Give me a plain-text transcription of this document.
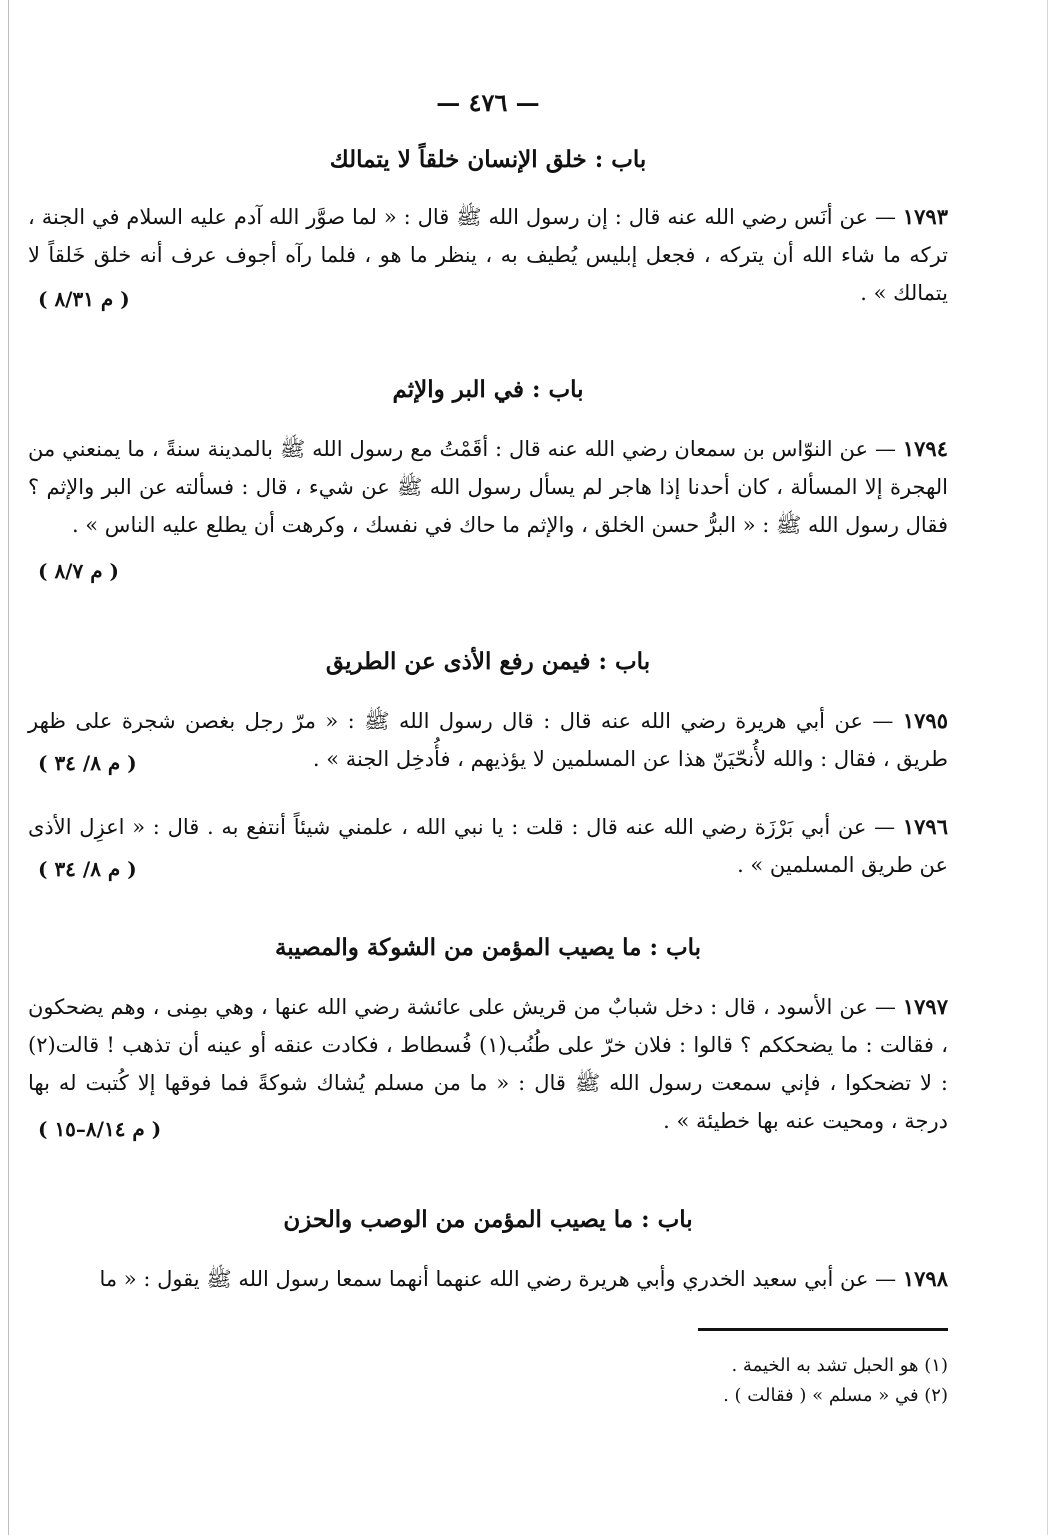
— ٤٧٦ —
باب : خلق الإنسان خلقاً لا يتمالك
١٧٩٣ — عن أنَس رضي الله عنه قال : إن رسول الله ﷺ قال : « لما صوَّر الله آدم عليه السلام في الجنة ، تركه ما شاء الله أن يتركه ، فجعل إبليس يُطيف به ، ينظر ما هو ، فلما رآه أجوف عرف أنه خلق خَلقاً لا يتمالك » .
( م ٨/٣١ )
باب : في البر والإثم
١٧٩٤ — عن النوّاس بن سمعان رضي الله عنه قال : أقَمْتُ مع رسول الله ﷺ بالمدينة سنةً ، ما يمنعني من الهجرة إلا المسألة ، كان أحدنا إذا هاجر لم يسأل رسول الله ﷺ عن شيء ، قال : فسألته عن البر والإثم ؟ فقال رسول الله ﷺ : « البرُّ حسن الخلق ، والإثم ما حاك في نفسك ، وكرهت أن يطلع عليه الناس » .
( م ٨/٧ )
باب : فيمن رفع الأذى عن الطريق
١٧٩٥ — عن أبي هريرة رضي الله عنه قال : قال رسول الله ﷺ : « مرّ رجل بغصن شجرة على ظهر طريق ، فقال : والله لأُنحّيَنّ هذا عن المسلمين لا يؤذيهم ، فأُدخِل الجنة » .
( م ٨/ ٣٤ )
١٧٩٦ — عن أبي بَرْزَة رضي الله عنه قال : قلت : يا نبي الله ، علمني شيئاً أنتفع به . قال : « اعزِل الأذى عن طريق المسلمين » .
( م ٨/ ٣٤ )
باب : ما يصيب المؤمن من الشوكة والمصيبة
١٧٩٧ — عن الأسود ، قال : دخل شبابٌ من قريش على عائشة رضي الله عنها ، وهي بمِنى ، وهم يضحكون ، فقالت : ما يضحككم ؟ قالوا : فلان خرّ على طُنُب(١) فُسطاط ، فكادت عنقه أو عينه أن تذهب ! قالت(٢) : لا تضحكوا ، فإني سمعت رسول الله ﷺ قال : « ما من مسلم يُشاك شوكةً فما فوقها إلا كُتبت له بها درجة ، ومحيت عنه بها خطيئة » .
( م ٨/١٤–١٥ )
باب : ما يصيب المؤمن من الوصب والحزن
١٧٩٨ — عن أبي سعيد الخدري وأبي هريرة رضي الله عنهما أنهما سمعا رسول الله ﷺ يقول : « ما
(١) هو الحبل تشد به الخيمة .
(٢) في « مسلم » ( فقالت ) .
